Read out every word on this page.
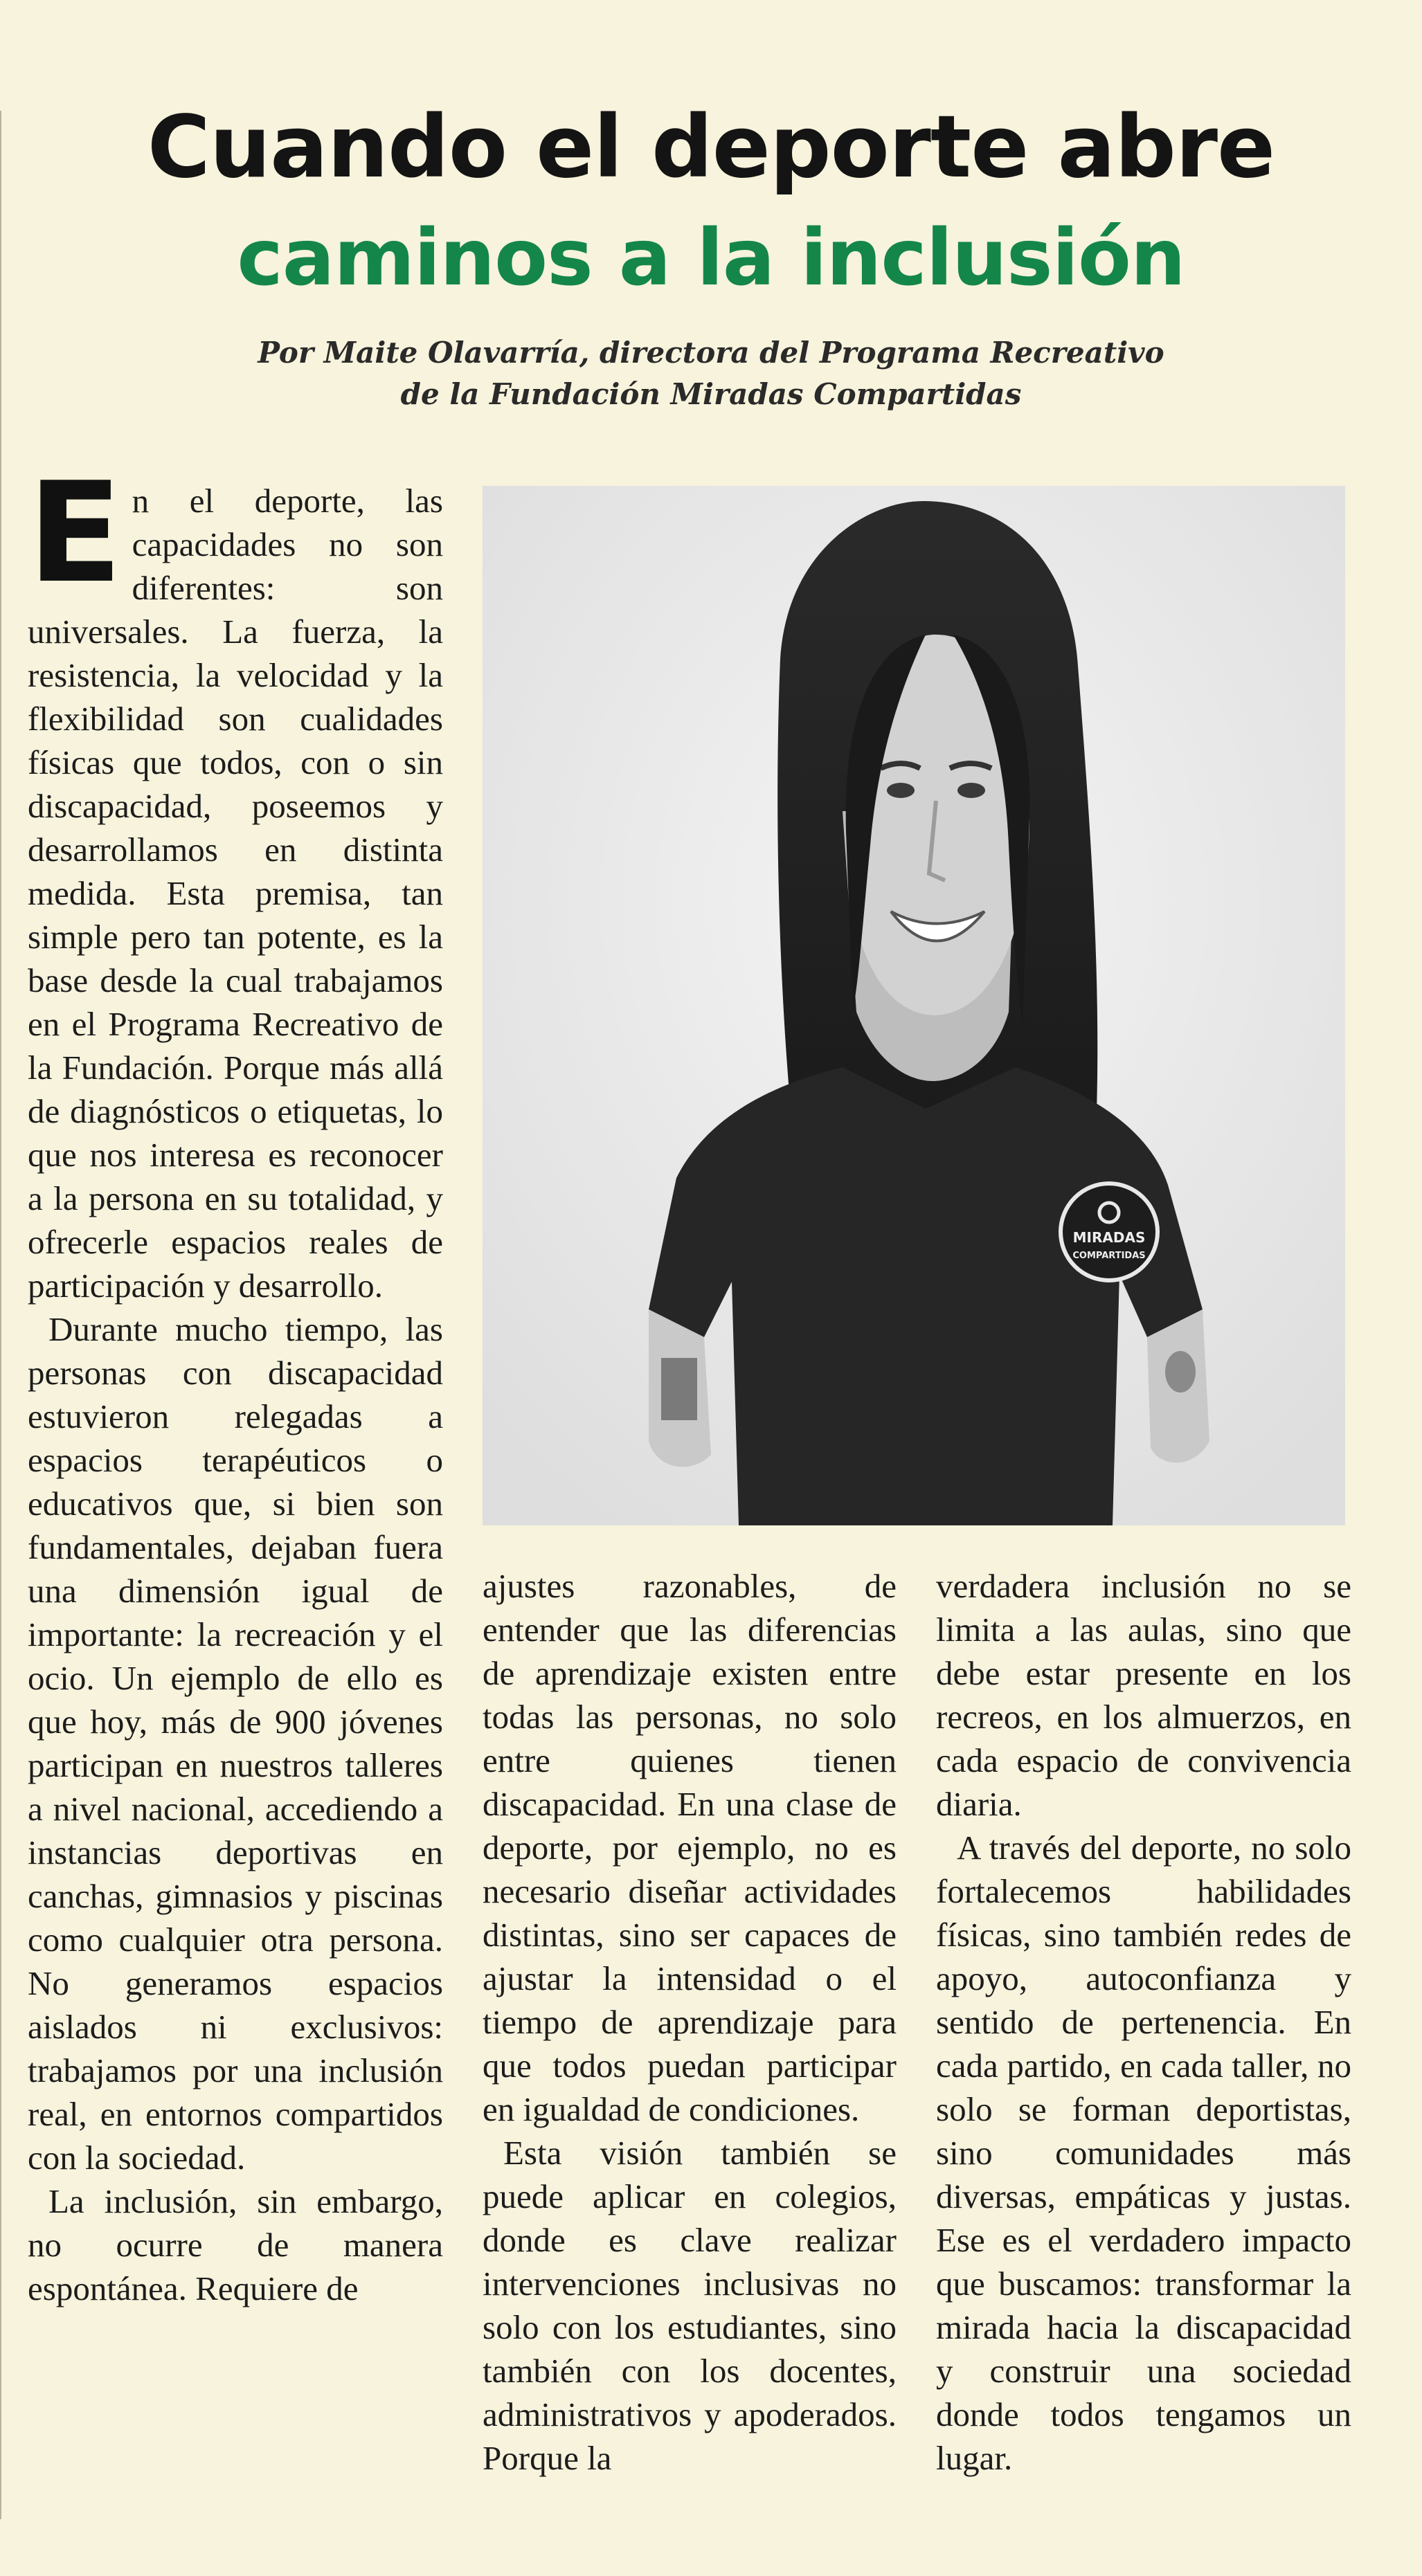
Cuando el deporte abre
caminos a la inclusión
Por Maite Olavarría, directora del Programa Recreativo
de la Fundación Miradas Compartidas

En el deporte, las capacidades no son diferentes: son universales. La fuerza, la resistencia, la velocidad y la flexibilidad son cualidades físicas que todos, con o sin discapacidad, poseemos y desarrollamos en distinta medida. Esta premisa, tan simple pero tan potente, es la base desde la cual trabajamos en el Programa Recreativo de la Fundación. Porque más allá de diagnósticos o etiquetas, lo que nos interesa es reconocer a la persona en su totalidad, y ofrecerle espacios reales de participación y desarrollo.

Durante mucho tiempo, las personas con discapacidad estuvieron relegadas a espacios terapéuticos o educativos que, si bien son fundamentales, dejaban fuera una dimensión igual de importante: la recreación y el ocio. Un ejemplo de ello es que hoy, más de 900 jóvenes participan en nuestros talleres a nivel nacional, accediendo a instancias deportivas en canchas, gimnasios y piscinas como cualquier otra persona. No generamos espacios aislados ni exclusivos: trabajamos por una inclusión real, en entornos compartidos con la sociedad.

La inclusión, sin embargo, no ocurre de manera espontánea. Requiere de

MIRADAS
COMPARTIDAS

ajustes razonables, de entender que las diferencias de aprendizaje existen entre todas las personas, no solo entre quienes tienen discapacidad. En una clase de deporte, por ejemplo, no es necesario diseñar actividades distintas, sino ser capaces de ajustar la intensidad o el tiempo de aprendizaje para que todos puedan participar en igualdad de condiciones.

Esta visión también se puede aplicar en colegios, donde es clave realizar intervenciones inclusivas no solo con los estudiantes, sino también con los docentes, administrativos y apoderados. Porque la

verdadera inclusión no se limita a las aulas, sino que debe estar presente en los recreos, en los almuerzos, en cada espacio de convivencia diaria.

A través del deporte, no solo fortalecemos habilidades físicas, sino también redes de apoyo, autoconfianza y sentido de pertenencia. En cada partido, en cada taller, no solo se forman deportistas, sino comunidades más diversas, empáticas y justas. Ese es el verdadero impacto que buscamos: transformar la mirada hacia la discapacidad y construir una sociedad donde todos tengamos un lugar.
